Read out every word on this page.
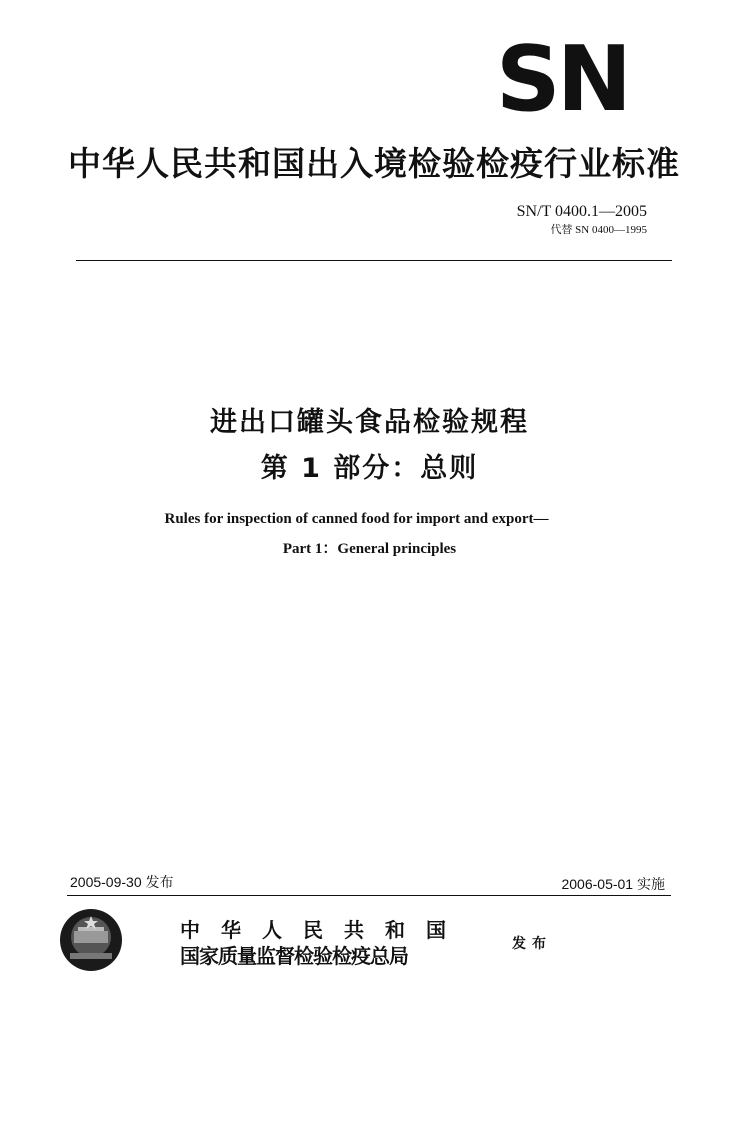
SN
中华人民共和国出入境检验检疫行业标准
SN/T 0400.1—2005
代替 SN 0400—1995
进出口罐头食品检验规程
第 1 部分：总则
Rules for inspection of canned food for import and export—
Part 1：General principles
2005-09-30 发布	2006-05-01 实施
中华人民共和国
国家质量监督检验检疫总局	发布
